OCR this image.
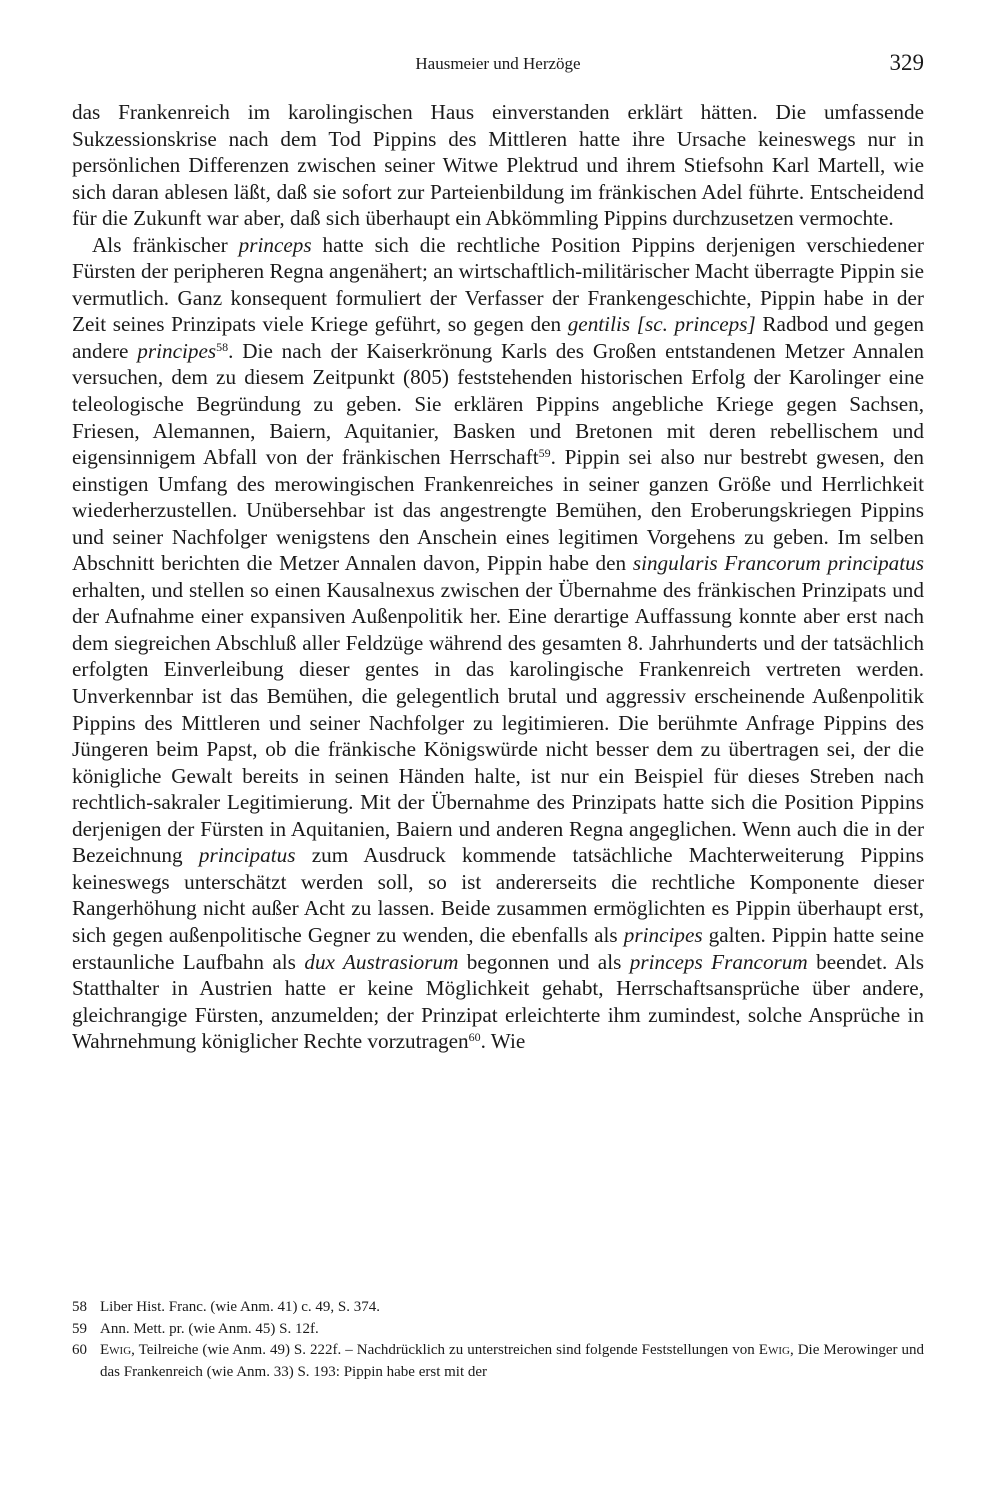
Hausmeier und Herzöge	329

das Frankenreich im karolingischen Haus einverstanden erklärt hätten. Die umfassende Sukzessionskrise nach dem Tod Pippins des Mittleren hatte ihre Ursache keineswegs nur in persönlichen Differenzen zwischen seiner Witwe Plektrud und ihrem Stiefsohn Karl Martell, wie sich daran ablesen läßt, daß sie sofort zur Parteienbildung im fränkischen Adel führte. Entscheidend für die Zukunft war aber, daß sich überhaupt ein Abkömmling Pippins durchzusetzen vermochte.

Als fränkischer princeps hatte sich die rechtliche Position Pippins derjenigen verschiedener Fürsten der peripheren Regna angenähert; an wirtschaftlich-militärischer Macht überragte Pippin sie vermutlich. Ganz konsequent formuliert der Verfasser der Frankengeschichte, Pippin habe in der Zeit seines Prinzipats viele Kriege geführt, so gegen den gentilis [sc. princeps] Radbod und gegen andere principes$^{58}$. Die nach der Kaiserkrönung Karls des Großen entstandenen Metzer Annalen versuchen, dem zu diesem Zeitpunkt (805) feststehenden historischen Erfolg der Karolinger eine teleologische Begründung zu geben. Sie erklären Pippins angebliche Kriege gegen Sachsen, Friesen, Alemannen, Baiern, Aquitanier, Basken und Bretonen mit deren rebellischem und eigensinnigem Abfall von der fränkischen Herrschaft$^{59}$. Pippin sei also nur bestrebt gwesen, den einstigen Umfang des merowingischen Frankenreiches in seiner ganzen Größe und Herrlichkeit wiederherzustellen. Unübersehbar ist das angestrengte Bemühen, den Eroberungskriegen Pippins und seiner Nachfolger wenigstens den Anschein eines legitimen Vorgehens zu geben. Im selben Abschnitt berichten die Metzer Annalen davon, Pippin habe den singularis Francorum principatus erhalten, und stellen so einen Kausalnexus zwischen der Übernahme des fränkischen Prinzipats und der Aufnahme einer expansiven Außenpolitik her. Eine derartige Auffassung konnte aber erst nach dem siegreichen Abschluß aller Feldzüge während des gesamten 8. Jahrhunderts und der tatsächlich erfolgten Einverleibung dieser gentes in das karolingische Frankenreich vertreten werden. Unverkennbar ist das Bemühen, die gelegentlich brutal und aggressiv erscheinende Außenpolitik Pippins des Mittleren und seiner Nachfolger zu legitimieren. Die berühmte Anfrage Pippins des Jüngeren beim Papst, ob die fränkische Königswürde nicht besser dem zu übertragen sei, der die königliche Gewalt bereits in seinen Händen halte, ist nur ein Beispiel für dieses Streben nach rechtlich-sakraler Legitimierung. Mit der Übernahme des Prinzipats hatte sich die Position Pippins derjenigen der Fürsten in Aquitanien, Baiern und anderen Regna angeglichen. Wenn auch die in der Bezeichnung principatus zum Ausdruck kommende tatsächliche Machterweiterung Pippins keineswegs unterschätzt werden soll, so ist andererseits die rechtliche Komponente dieser Rangerhöhung nicht außer Acht zu lassen. Beide zusammen ermöglichten es Pippin überhaupt erst, sich gegen außenpolitische Gegner zu wenden, die ebenfalls als principes galten. Pippin hatte seine erstaunliche Laufbahn als dux Austrasiorum begonnen und als princeps Francorum beendet. Als Statthalter in Austrien hatte er keine Möglichkeit gehabt, Herrschaftsansprüche über andere, gleichrangige Fürsten, anzumelden; der Prinzipat erleichterte ihm zumindest, solche Ansprüche in Wahrnehmung königlicher Rechte vorzutragen$^{60}$. Wie

58 Liber Hist. Franc. (wie Anm. 41) c. 49, S. 374.
59 Ann. Mett. pr. (wie Anm. 45) S. 12f.
60 Ewig, Teilreiche (wie Anm. 49) S. 222f. – Nachdrücklich zu unterstreichen sind folgende Feststellungen von Ewig, Die Merowinger und das Frankenreich (wie Anm. 33) S. 193: Pippin habe erst mit der
